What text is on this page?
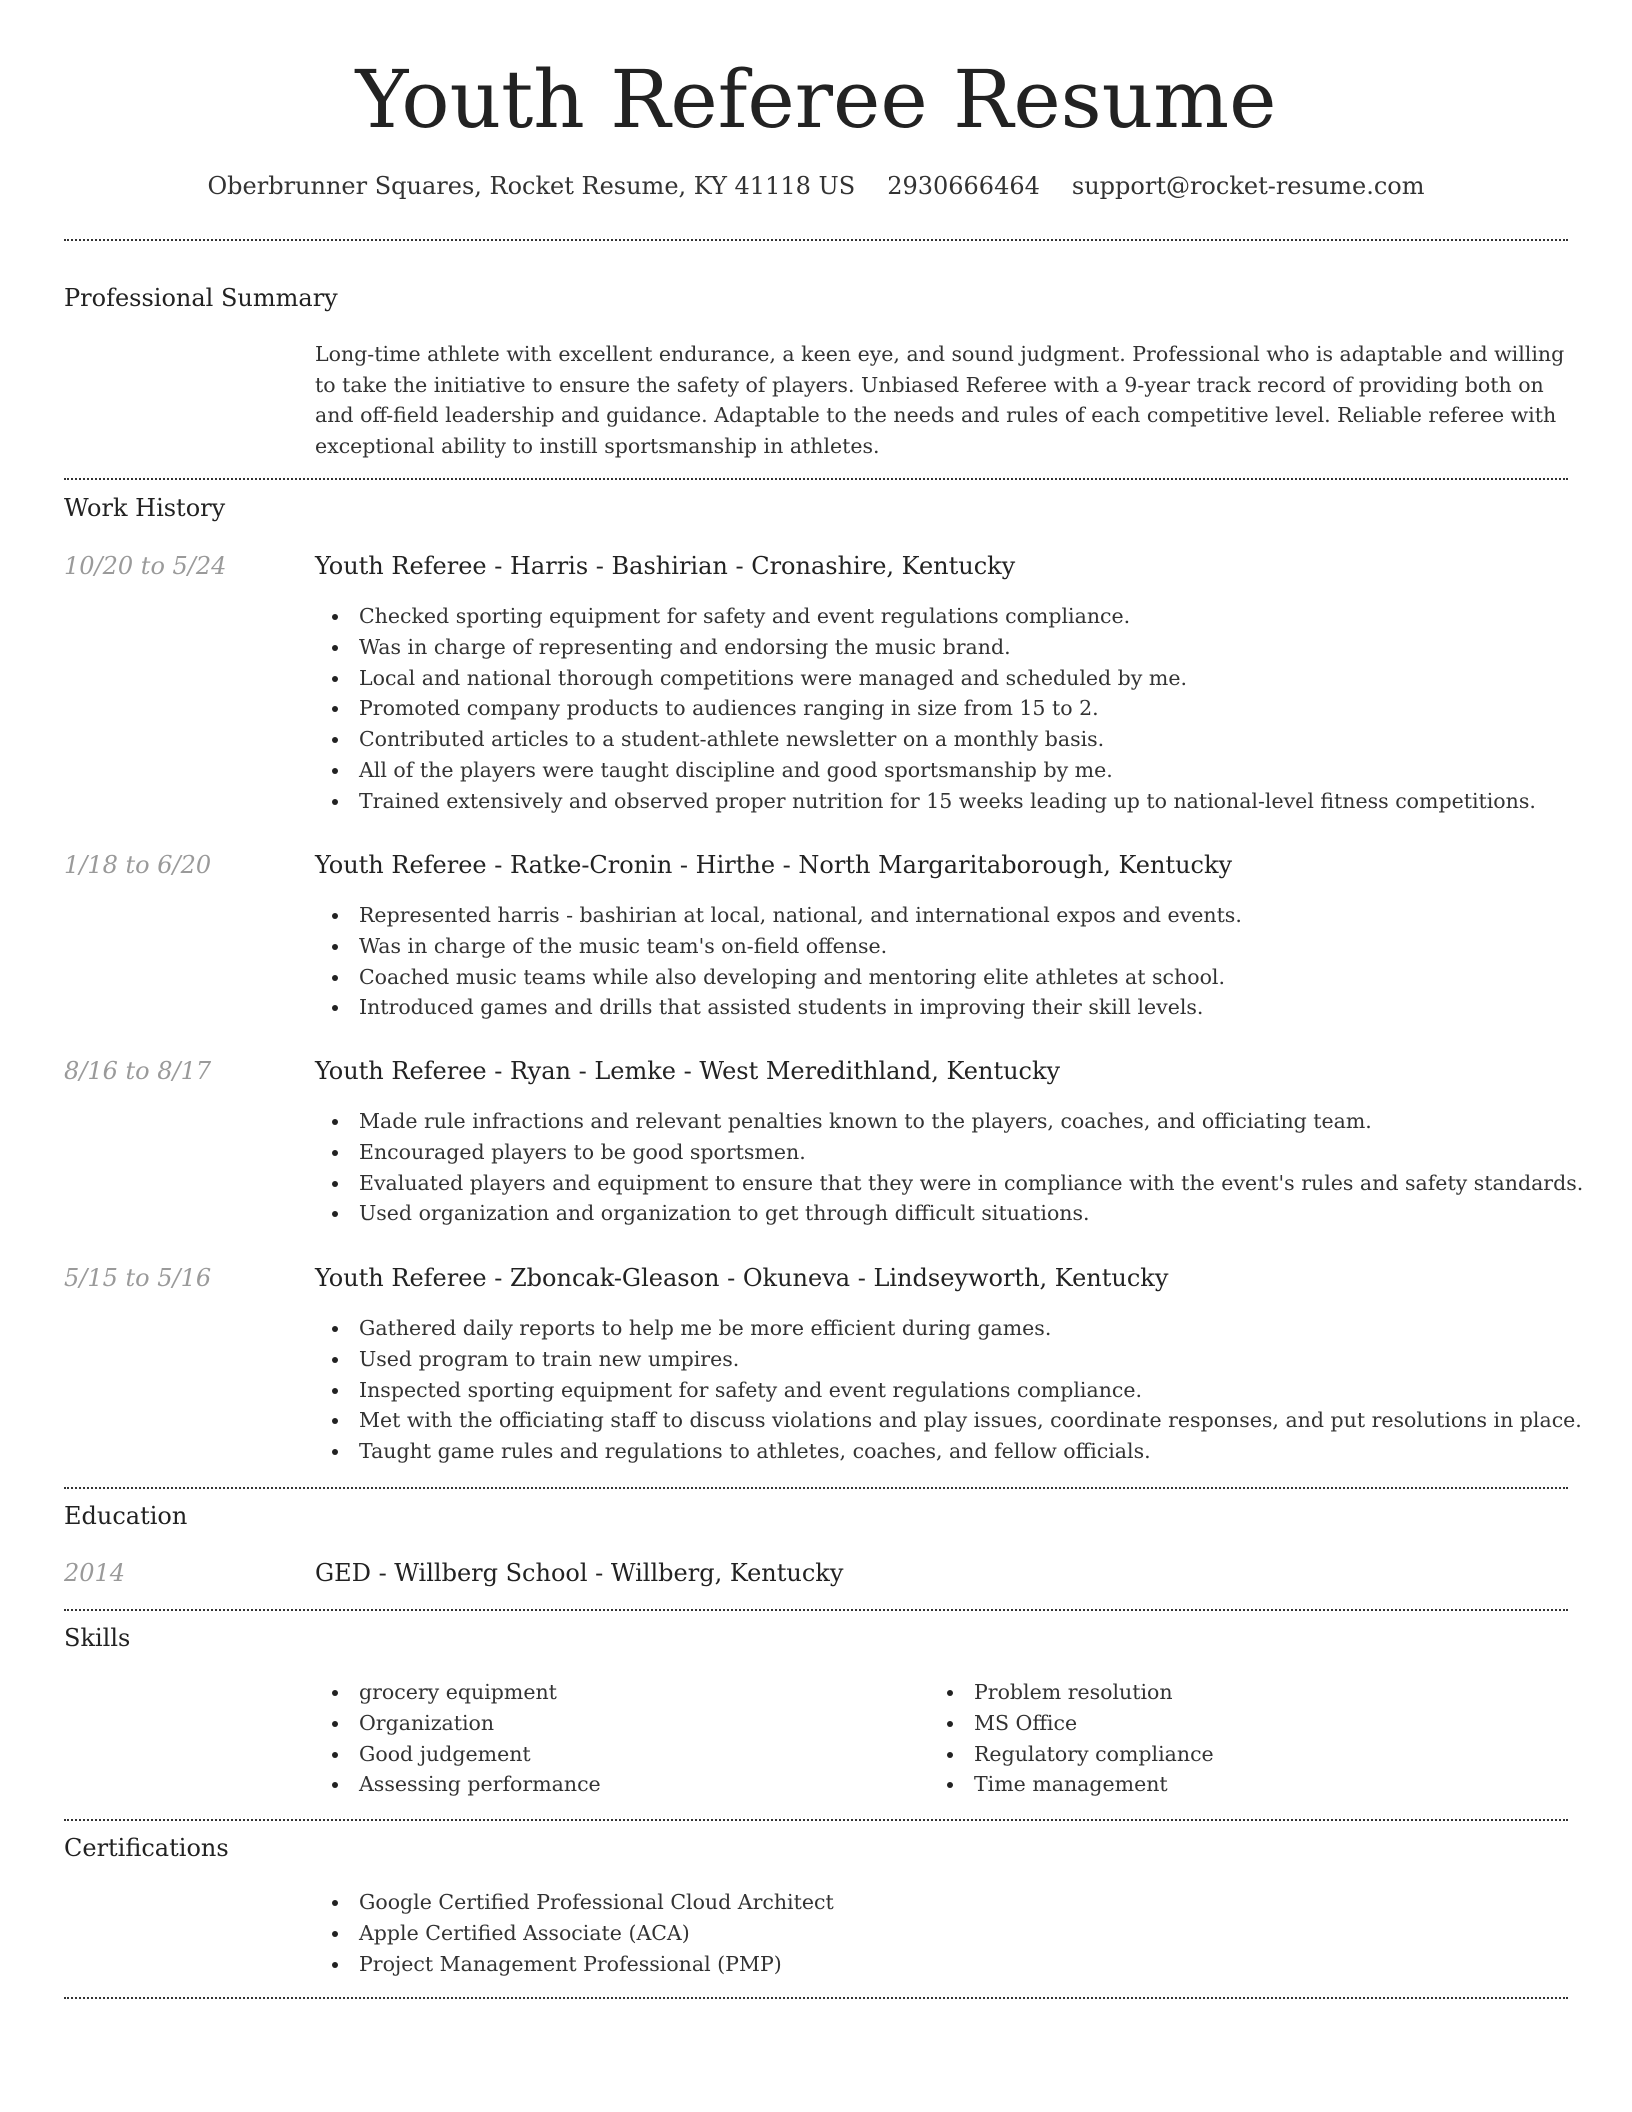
Youth Referee Resume
Oberbrunner Squares, Rocket Resume, KY 41118 US 2930666464 support@rocket-resume.com
Professional Summary
Long-time athlete with excellent endurance, a keen eye, and sound judgment. Professional who is adaptable and willing to take the initiative to ensure the safety of players. Unbiased Referee with a 9-year track record of providing both on and off-field leadership and guidance. Adaptable to the needs and rules of each competitive level. Reliable referee with exceptional ability to instill sportsmanship in athletes.
Work History
10/20 to 5/24	Youth Referee - Harris - Bashirian - Cronashire, Kentucky
Checked sporting equipment for safety and event regulations compliance.
Was in charge of representing and endorsing the music brand.
Local and national thorough competitions were managed and scheduled by me.
Promoted company products to audiences ranging in size from 15 to 2.
Contributed articles to a student-athlete newsletter on a monthly basis.
All of the players were taught discipline and good sportsmanship by me.
Trained extensively and observed proper nutrition for 15 weeks leading up to national-level fitness competitions.
1/18 to 6/20	Youth Referee - Ratke-Cronin - Hirthe - North Margaritaborough, Kentucky
Represented harris - bashirian at local, national, and international expos and events.
Was in charge of the music team's on-field offense.
Coached music teams while also developing and mentoring elite athletes at school.
Introduced games and drills that assisted students in improving their skill levels.
8/16 to 8/17	Youth Referee - Ryan - Lemke - West Meredithland, Kentucky
Made rule infractions and relevant penalties known to the players, coaches, and officiating team.
Encouraged players to be good sportsmen.
Evaluated players and equipment to ensure that they were in compliance with the event's rules and safety standards.
Used organization and organization to get through difficult situations.
5/15 to 5/16	Youth Referee - Zboncak-Gleason - Okuneva - Lindseyworth, Kentucky
Gathered daily reports to help me be more efficient during games.
Used program to train new umpires.
Inspected sporting equipment for safety and event regulations compliance.
Met with the officiating staff to discuss violations and play issues, coordinate responses, and put resolutions in place.
Taught game rules and regulations to athletes, coaches, and fellow officials.
Education
2014	GED - Willberg School - Willberg, Kentucky
Skills
grocery equipment
Organization
Good judgement
Assessing performance
Problem resolution
MS Office
Regulatory compliance
Time management
Certifications
Google Certified Professional Cloud Architect
Apple Certified Associate (ACA)
Project Management Professional (PMP)
